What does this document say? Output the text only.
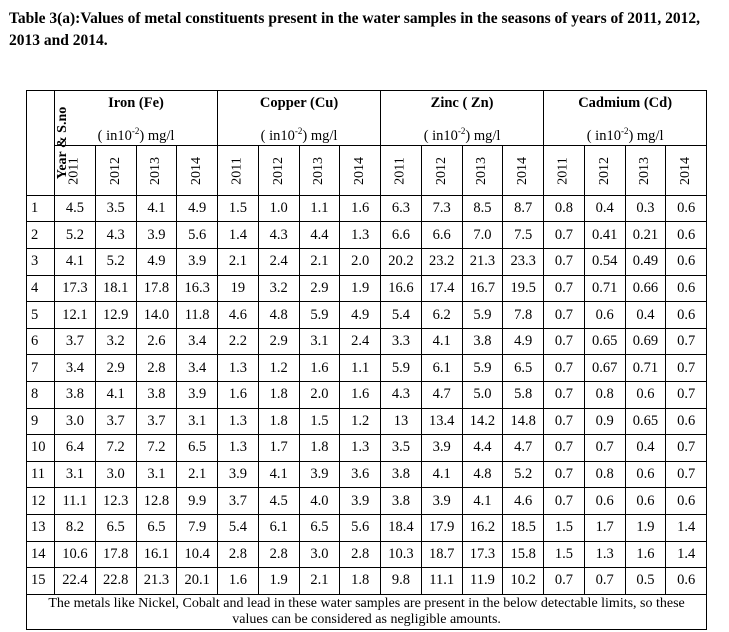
Table 3(a):Values of metal constituents present in the water samples in the seasons of years of 2011, 2012, 2013 and 2014.

Year & S.no	Iron (Fe)
( $in10^{-2}$) mg/l				Copper (Cu)
( $in10^{-2}$) mg/l				Zinc ( Zn)
( $in10^{-2}$) mg/l				Cadmium (Cd)
( $in10^{-2}$) mg/l			

	2011	2012	2013	2014	2011	2012	2013	2014	2011	2012	2013	2014	2011	2012	2013	2014
1	4.5	3.5	4.1	4.9	1.5	1.0	1.1	1.6	6.3	7.3	8.5	8.7	0.8	0.4	0.3	0.6
2	5.2	4.3	3.9	5.6	1.4	4.3	4.4	1.3	6.6	6.6	7.0	7.5	0.7	0.41	0.21	0.6
3	4.1	5.2	4.9	3.9	2.1	2.4	2.1	2.0	20.2	23.2	21.3	23.3	0.7	0.54	0.49	0.6
4	17.3	18.1	17.8	16.3	19	3.2	2.9	1.9	16.6	17.4	16.7	19.5	0.7	0.71	0.66	0.6
5	12.1	12.9	14.0	11.8	4.6	4.8	5.9	4.9	5.4	6.2	5.9	7.8	0.7	0.6	0.4	0.6
6	3.7	3.2	2.6	3.4	2.2	2.9	3.1	2.4	3.3	4.1	3.8	4.9	0.7	0.65	0.69	0.7
7	3.4	2.9	2.8	3.4	1.3	1.2	1.6	1.1	5.9	6.1	5.9	6.5	0.7	0.67	0.71	0.7
8	3.8	4.1	3.8	3.9	1.6	1.8	2.0	1.6	4.3	4.7	5.0	5.8	0.7	0.8	0.6	0.7
9	3.0	3.7	3.7	3.1	1.3	1.8	1.5	1.2	13	13.4	14.2	14.8	0.7	0.9	0.65	0.6
10	6.4	7.2	7.2	6.5	1.3	1.7	1.8	1.3	3.5	3.9	4.4	4.7	0.7	0.7	0.4	0.7
11	3.1	3.0	3.1	2.1	3.9	4.1	3.9	3.6	3.8	4.1	4.8	5.2	0.7	0.8	0.6	0.7
12	11.1	12.3	12.8	9.9	3.7	4.5	4.0	3.9	3.8	3.9	4.1	4.6	0.7	0.6	0.6	0.6
13	8.2	6.5	6.5	7.9	5.4	6.1	6.5	5.6	18.4	17.9	16.2	18.5	1.5	1.7	1.9	1.4
14	10.6	17.8	16.1	10.4	2.8	2.8	3.0	2.8	10.3	18.7	17.3	15.8	1.5	1.3	1.6	1.4
15	22.4	22.8	21.3	20.1	1.6	1.9	2.1	1.8	9.8	11.1	11.9	10.2	0.7	0.7	0.5	0.6
The metals like Nickel, Cobalt and lead in these water samples are present in the below detectable limits, so these values can be considered as negligible amounts.																
